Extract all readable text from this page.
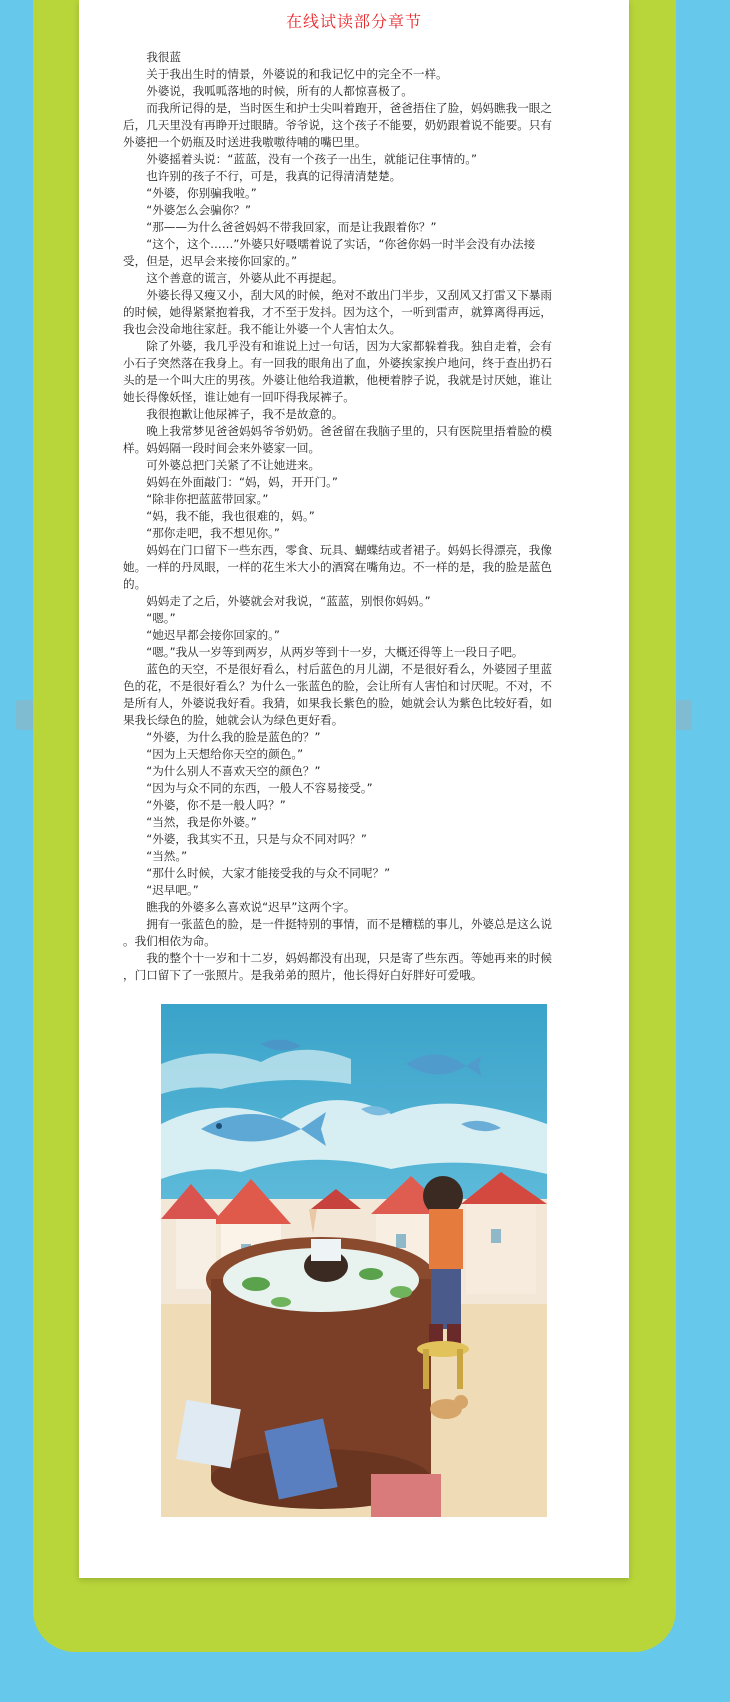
在线试读部分章节

我很蓝

关于我出生时的情景，外婆说的和我记忆中的完全不一样。

外婆说，我呱呱落地的时候，所有的人都惊喜极了。

而我所记得的是，当时医生和护士尖叫着跑开，爸爸捂住了脸，妈妈瞧我一眼之

后，几天里没有再睁开过眼睛。爷爷说，这个孩子不能要，奶奶跟着说不能要。只有

外婆把一个奶瓶及时送进我嗷嗷待哺的嘴巴里。

外婆摇着头说：“蓝蓝，没有一个孩子一出生，就能记住事情的。”

也许别的孩子不行，可是，我真的记得清清楚楚。

“外婆，你别骗我啦。”

“外婆怎么会骗你？”

“那——为什么爸爸妈妈不带我回家，而是让我跟着你？”

“这个，这个……”外婆只好嗫嚅着说了实话，“你爸你妈一时半会没有办法接

受，但是，迟早会来接你回家的。”

这个善意的谎言，外婆从此不再提起。

外婆长得又瘦又小，刮大风的时候，绝对不敢出门半步，又刮风又打雷又下暴雨

的时候，她得紧紧抱着我，才不至于发抖。因为这个，一听到雷声，就算离得再远，

我也会没命地往家赶。我不能让外婆一个人害怕太久。

除了外婆，我几乎没有和谁说上过一句话，因为大家都躲着我。独自走着，会有

小石子突然落在我身上。有一回我的眼角出了血，外婆挨家挨户地问，终于查出扔石

头的是一个叫大庄的男孩。外婆让他给我道歉，他梗着脖子说，我就是讨厌她，谁让

她长得像妖怪，谁让她有一回吓得我尿裤子。

我很抱歉让他尿裤子，我不是故意的。

晚上我常梦见爸爸妈妈爷爷奶奶。爸爸留在我脑子里的，只有医院里捂着脸的模

样。妈妈隔一段时间会来外婆家一回。

可外婆总把门关紧了不让她进来。

妈妈在外面敲门：“妈，妈，开开门。”

“除非你把蓝蓝带回家。”

“妈，我不能，我也很难的，妈。”

“那你走吧，我不想见你。”

妈妈在门口留下一些东西，零食、玩具、蝴蝶结或者裙子。妈妈长得漂亮，我像

她。一样的丹凤眼，一样的花生米大小的酒窝在嘴角边。不一样的是，我的脸是蓝色

的。

妈妈走了之后，外婆就会对我说，“蓝蓝，别恨你妈妈。”

“嗯。”

“她迟早都会接你回家的。”

“嗯。”我从一岁等到两岁，从两岁等到十一岁，大概还得等上一段日子吧。

蓝色的天空，不是很好看么，村后蓝色的月儿湖，不是很好看么，外婆园子里蓝

色的花，不是很好看么？为什么一张蓝色的脸，会让所有人害怕和讨厌呢。不对，不

是所有人，外婆说我好看。我猜，如果我长紫色的脸，她就会认为紫色比较好看，如

果我长绿色的脸，她就会认为绿色更好看。

“外婆，为什么我的脸是蓝色的？”

“因为上天想给你天空的颜色。”

“为什么别人不喜欢天空的颜色？”

“因为与众不同的东西，一般人不容易接受。”

“外婆，你不是一般人吗？”

“当然，我是你外婆。”

“外婆，我其实不丑，只是与众不同对吗？”

“当然。”

“那什么时候，大家才能接受我的与众不同呢？”

“迟早吧。”

瞧我的外婆多么喜欢说“迟早”这两个字。

拥有一张蓝色的脸，是一件挺特别的事情，而不是糟糕的事儿，外婆总是这么说

。我们相依为命。

我的整个十一岁和十二岁，妈妈都没有出现，只是寄了些东西。等她再来的时候

，门口留下了一张照片。是我弟弟的照片，他长得好白好胖好可爱哦。
